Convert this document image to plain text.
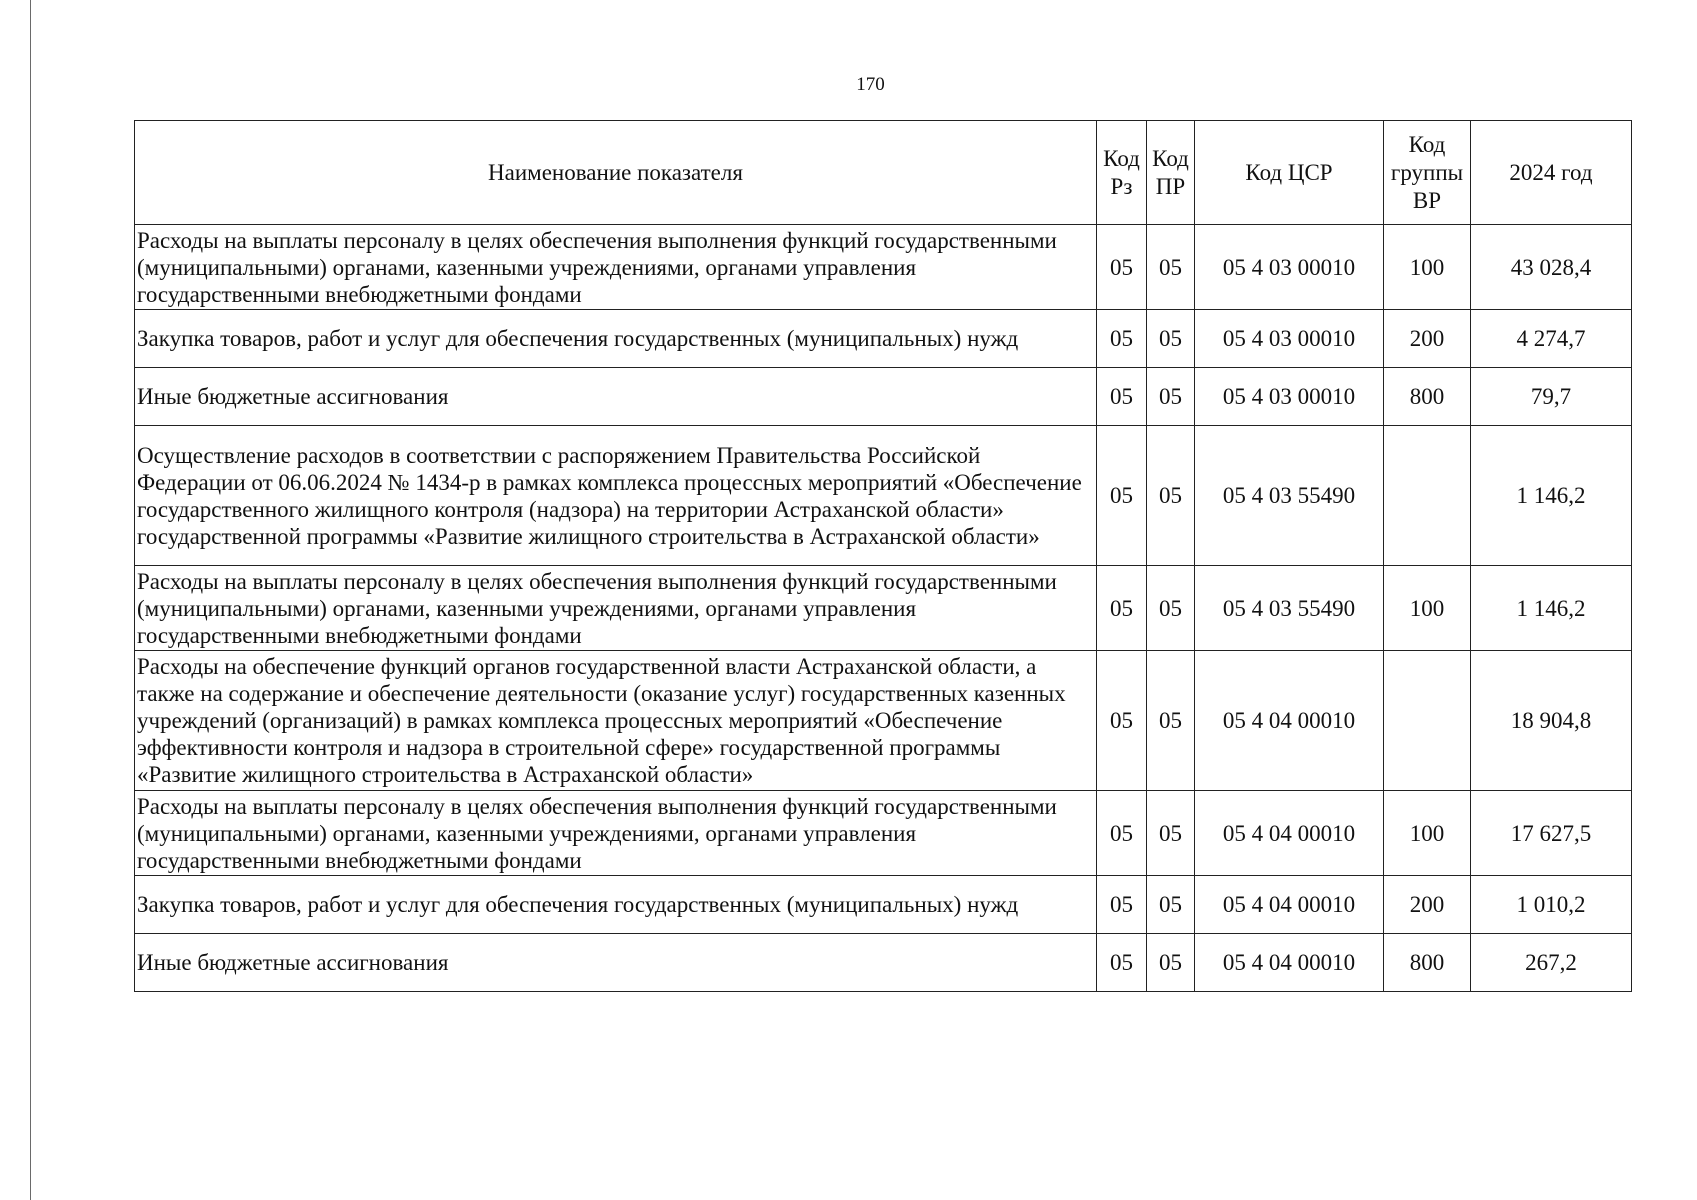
170
Наименование показателя	Код Рз	Код ПР	Код ЦСР	Код группы ВР	2024 год
Расходы на выплаты персоналу в целях обеспечения выполнения функций государственными (муниципальными) органами, казенными учреждениями, органами управления государственными внебюджетными фондами	05	05	05 4 03 00010	100	43 028,4
Закупка товаров, работ и услуг для обеспечения государственных (муниципальных) нужд	05	05	05 4 03 00010	200	4 274,7
Иные бюджетные ассигнования	05	05	05 4 03 00010	800	79,7
Осуществление расходов в соответствии с распоряжением Правительства Российской Федерации от 06.06.2024 № 1434-р в рамках комплекса процессных мероприятий «Обеспечение государственного жилищного контроля (надзора) на территории Астраханской области» государственной программы «Развитие жилищного строительства в Астраханской области»	05	05	05 4 03 55490		1 146,2
Расходы на выплаты персоналу в целях обеспечения выполнения функций государственными (муниципальными) органами, казенными учреждениями, органами управления государственными внебюджетными фондами	05	05	05 4 03 55490	100	1 146,2
Расходы на обеспечение функций органов государственной власти Астраханской области, а также на содержание и обеспечение деятельности (оказание услуг) государственных казенных учреждений (организаций) в рамках комплекса процессных мероприятий «Обеспечение эффективности контроля и надзора в строительной сфере» государственной программы «Развитие жилищного строительства в Астраханской области»	05	05	05 4 04 00010		18 904,8
Расходы на выплаты персоналу в целях обеспечения выполнения функций государственными (муниципальными) органами, казенными учреждениями, органами управления государственными внебюджетными фондами	05	05	05 4 04 00010	100	17 627,5
Закупка товаров, работ и услуг для обеспечения государственных (муниципальных) нужд	05	05	05 4 04 00010	200	1 010,2
Иные бюджетные ассигнования	05	05	05 4 04 00010	800	267,2
